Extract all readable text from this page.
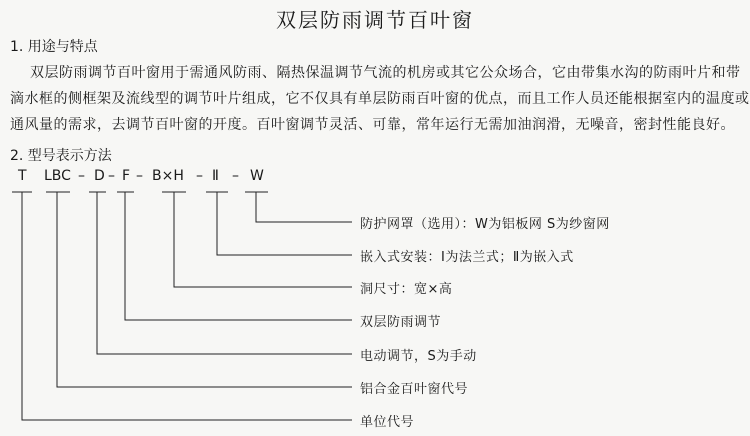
双层防雨调节百叶窗
1. 用途与特点
双层防雨调节百叶窗用于需通风防雨、隔热保温调节气流的机房或其它公众场合，它由带集水沟的防雨叶片和带
滴水框的侧框架及流线型的调节叶片组成，它不仅具有单层防雨百叶窗的优点，而且工作人员还能根据室内的温度或
通风量的需求，去调节百叶窗的开度。百叶窗调节灵活、可靠，常年运行无需加油润滑，无噪音，密封性能良好。
2. 型号表示方法
T LBC – D – F – B×H – Ⅱ – W
防护网罩（选用）：W为铝板网 S为纱窗网
嵌入式安装：Ⅰ为法兰式；Ⅱ为嵌入式
洞尺寸：宽×高
双层防雨调节
电动调节，S为手动
铝合金百叶窗代号
单位代号
